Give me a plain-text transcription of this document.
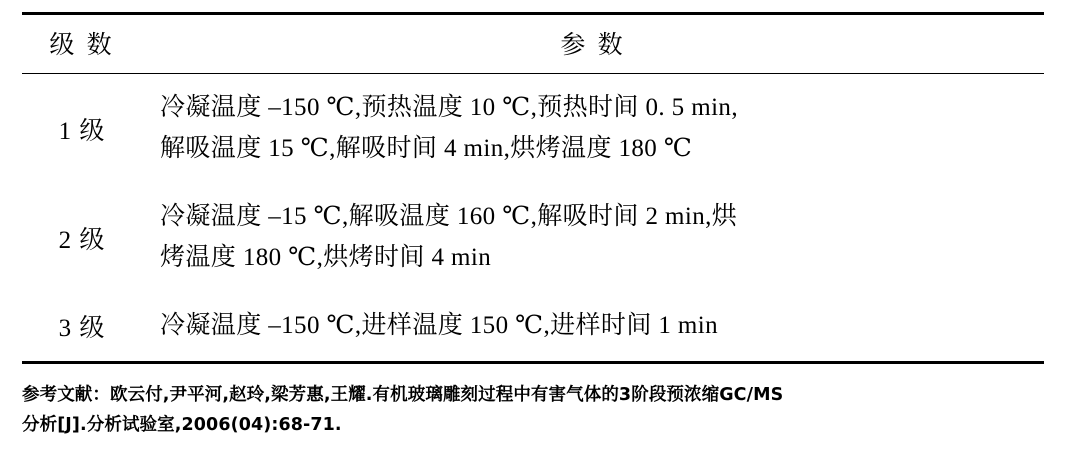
级 数	参 数
1 级	冷凝温度 –150 ℃,预热温度 10 ℃,预热时间 0. 5 min,
解吸温度 15 ℃,解吸时间 4 min,烘烤温度 180 ℃

2 级	冷凝温度 –15 ℃,解吸温度 160 ℃,解吸时间 2 min,烘
烤温度 180 ℃,烘烤时间 4 min

3 级	冷凝温度 –150 ℃,进样温度 150 ℃,进样时间 1 min
参考文献：欧云付,尹平河,赵玲,梁芳惠,王耀.有机玻璃雕刻过程中有害气体的3阶段预浓缩GC/MS
分析[J].分析试验室,2006(04):68-71.
